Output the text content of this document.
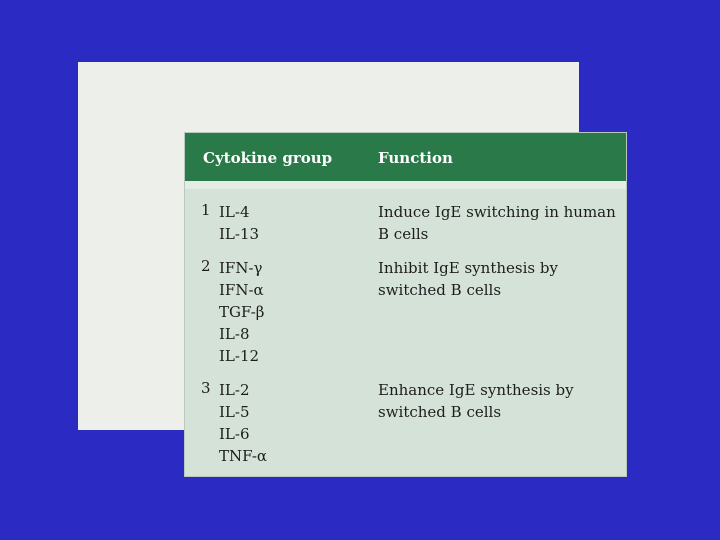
Cytokine group	Function
1 IL-4
IL-13
Induce IgE switching in human
B cells
2 IFN-γ
IFN-α
TGF-β
IL-8
IL-12
Inhibit IgE synthesis by
switched B cells
3 IL-2
IL-5
IL-6
TNF-α
Enhance IgE synthesis by
switched B cells
